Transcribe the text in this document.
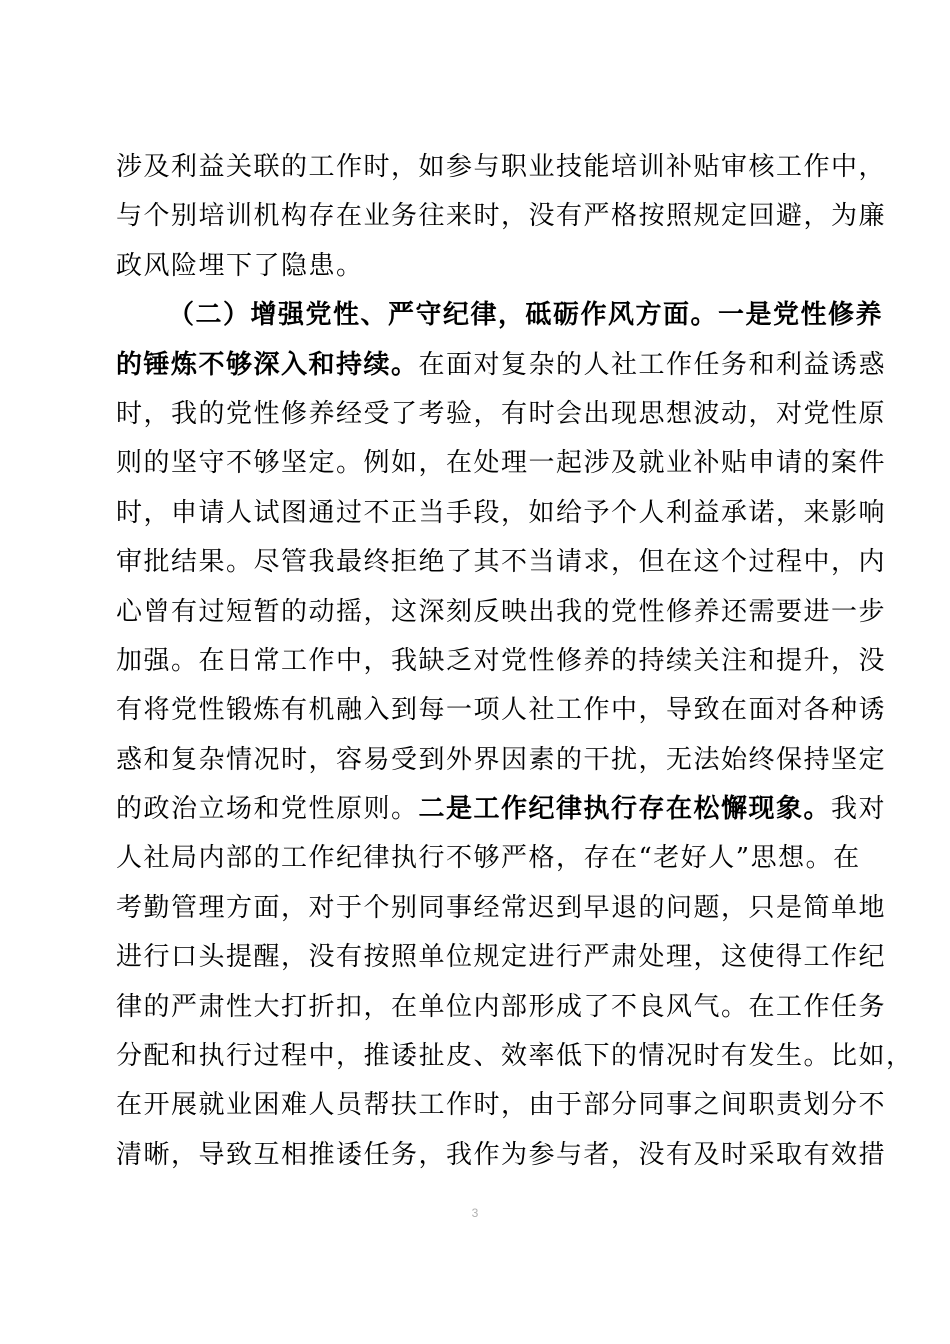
涉及利益关联的工作时，如参与职业技能培训补贴审核工作中，
与个别培训机构存在业务往来时，没有严格按照规定回避，为廉
政风险埋下了隐患。
（二）增强党性、严守纪律，砥砺作风方面。一是党性修养
的锤炼不够深入和持续。在面对复杂的人社工作任务和利益诱惑
时，我的党性修养经受了考验，有时会出现思想波动，对党性原
则的坚守不够坚定。例如，在处理一起涉及就业补贴申请的案件
时，申请人试图通过不正当手段，如给予个人利益承诺，来影响
审批结果。尽管我最终拒绝了其不当请求，但在这个过程中，内
心曾有过短暂的动摇，这深刻反映出我的党性修养还需要进一步
加强。在日常工作中，我缺乏对党性修养的持续关注和提升，没
有将党性锻炼有机融入到每一项人社工作中，导致在面对各种诱
惑和复杂情况时，容易受到外界因素的干扰，无法始终保持坚定
的政治立场和党性原则。二是工作纪律执行存在松懈现象。我对
人社局内部的工作纪律执行不够严格，存在“老好人”思想。在
考勤管理方面，对于个别同事经常迟到早退的问题，只是简单地
进行口头提醒，没有按照单位规定进行严肃处理，这使得工作纪
律的严肃性大打折扣，在单位内部形成了不良风气。在工作任务
分配和执行过程中，推诿扯皮、效率低下的情况时有发生。比如，
在开展就业困难人员帮扶工作时，由于部分同事之间职责划分不
清晰，导致互相推诿任务，我作为参与者，没有及时采取有效措
3
